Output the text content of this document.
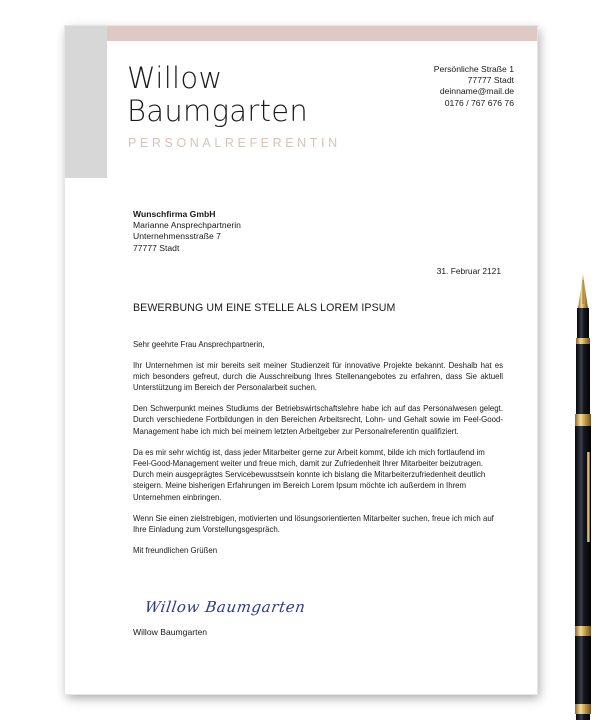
Willow
Baumgarten
PERSONALREFERENTIN
Persönliche Straße 1
77777 Stadt
deinname@mail.de
0176 / 767 676 76
Wunschfirma GmbH
Marianne Ansprechpartnerin
Unternehmensstraße 7
77777 Stadt
31. Februar 2121
BEWERBUNG UM EINE STELLE ALS LOREM IPSUM

Sehr geehrte Frau Ansprechpartnerin,

Ihr Unternehmen ist mir bereits seit meiner Studienzeit für innovative Projekte bekannt. Deshalb hat es mich besonders gefreut, durch die Ausschreibung Ihres Stellenangebotes zu erfahren, dass Sie aktuell Unterstützung im Bereich der Personalarbeit suchen.

Den Schwerpunkt meines Studiums der Betriebswirtschaftslehre habe ich auf das Personalwesen gelegt. Durch verschiedene Fortbildungen in den Bereichen Arbeitsrecht, Lohn- und Gehalt sowie im Feel-Good-Management habe ich mich bei meinem letzten Arbeitgeber zur Personalreferentin qualifiziert.

Da es mir sehr wichtig ist, dass jeder Mitarbeiter gerne zur Arbeit kommt, bilde ich mich fortlaufend im Feel-Good-Management weiter und freue mich, damit zur Zufriedenheit Ihrer Mitarbeiter beizutragen. Durch mein ausgeprägtes Servicebewusstsein konnte ich bislang die Mitarbeiterzufriedenheit deutlich steigern. Meine bisherigen Erfahrungen im Bereich Lorem Ipsum möchte ich außerdem in Ihrem Unternehmen einbringen.

Wenn Sie einen zielstrebigen, motivierten und lösungsorientierten Mitarbeiter suchen, freue ich mich auf Ihre Einladung zum Vorstellungsgespräch.

Mit freundlichen Grüßen

Willow Baumgarten
Willow Baumgarten
